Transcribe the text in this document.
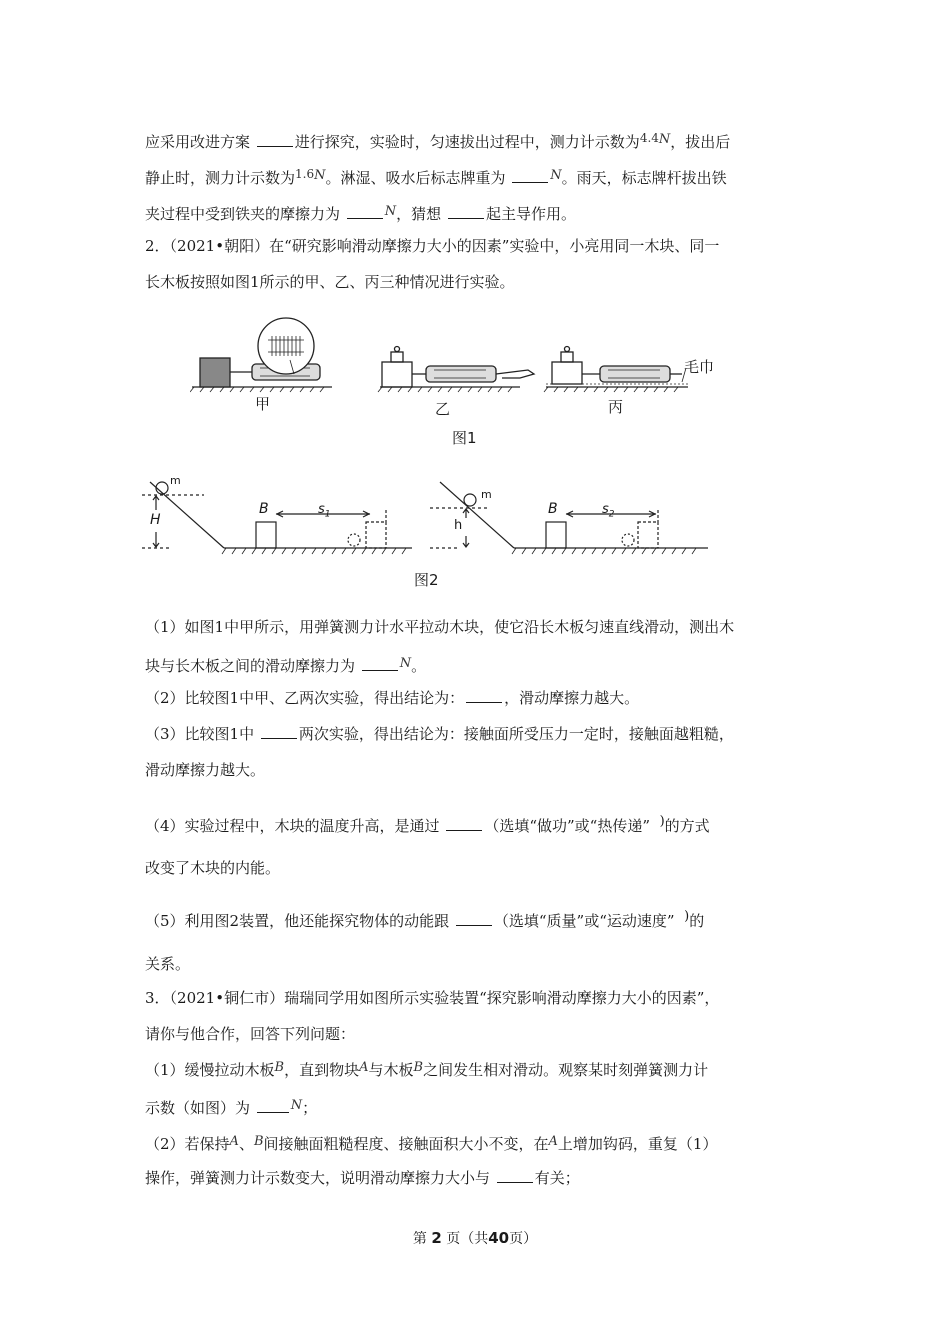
应采用改进方案	进行探究，实验时，匀速拔出过程中，测力计示数为$^{4.4}$N，拔出后
静止时，测力计示数为$^{1.6}$N。淋湿、吸水后标志牌重为	N。雨天，标志牌杆拔出铁
夹过程中受到铁夹的摩擦力为	N，猜想	起主导作用。
2．（2021•朝阳）在“研究影响滑动摩擦力大小的因素”实验中，小亮用同一木块、同一
长木板按照如图1所示的甲、乙、丙三种情况进行实验。
甲	乙	丙
毛巾
图1
m
H
B	$s_1$
m
h
B	$s_2$
图2
（1）如图1中甲所示，用弹簧测力计水平拉动木块，使它沿长木板匀速直线滑动，测出木
块与长木板之间的滑动摩擦力为	N。
（2）比较图1中甲、乙两次实验，得出结论为：	，滑动摩擦力越大。
（3）比较图1中	两次实验，得出结论为：接触面所受压力一定时，接触面越粗糙，
滑动摩擦力越大。
（4）实验过程中，木块的温度升高，是通过	（选填“做功”或“热传递” )的方式
改变了木块的内能。
（5）利用图2装置，他还能探究物体的动能跟	（选填“质量”或“运动速度” )的
关系。
3．（2021•铜仁市）瑞瑞同学用如图所示实验装置“探究影响滑动摩擦力大小的因素”，
请你与他合作，回答下列问题：
（1）缓慢拉动木板B，直到物块A与木板B之间发生相对滑动。观察某时刻弹簧测力计
示数（如图）为	N；
（2）若保持A、B间接触面粗糙程度、接触面积大小不变，在A上增加钩码，重复（1）
操作，弹簧测力计示数变大，说明滑动摩擦力大小与	有关；
第 2 页（共40页）
